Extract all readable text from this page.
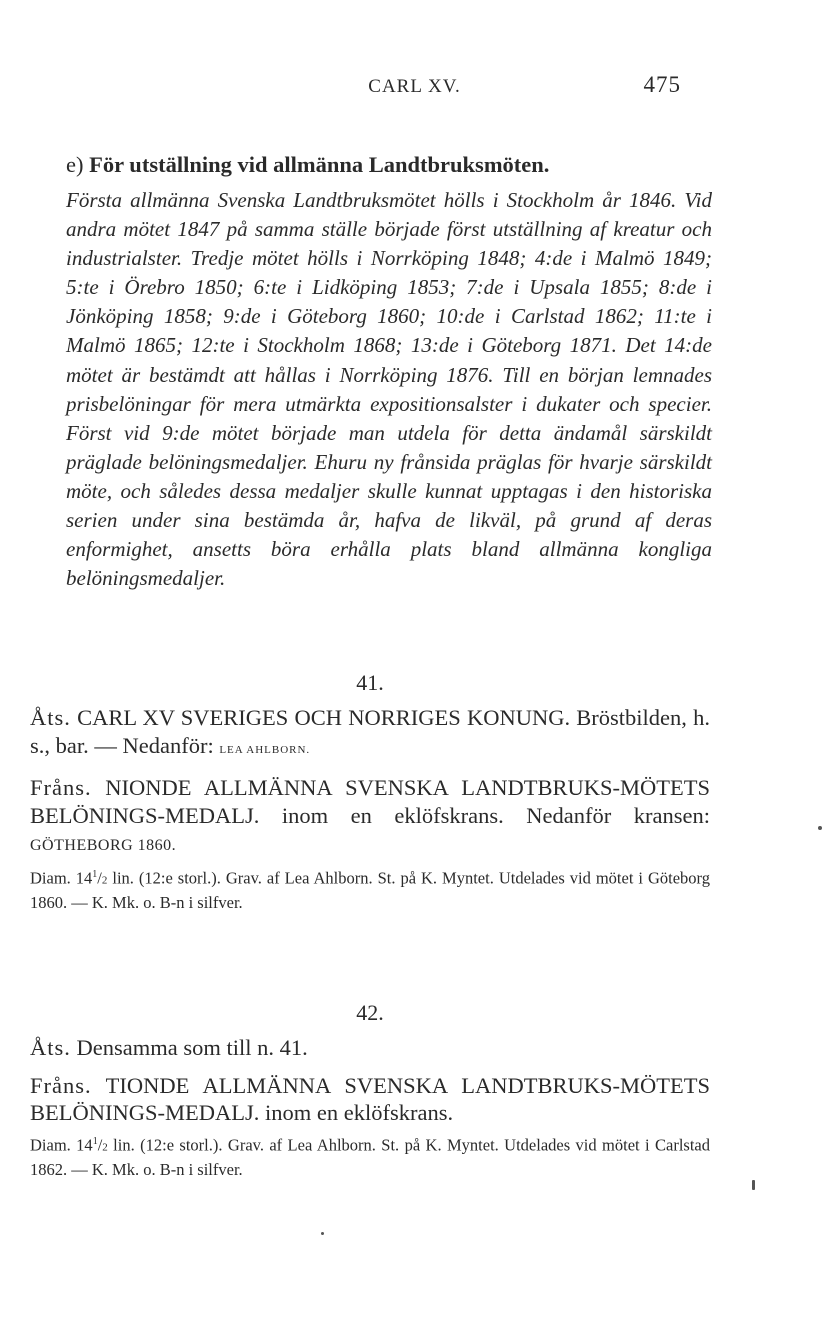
CARL XV.	475
e) För utställning vid allmänna Landtbruksmöten.

Första allmänna Svenska Landtbruksmötet hölls i Stockholm år 1846. Vid andra mötet 1847 på samma ställe började först utställning af kreatur och industrialster. Tredje mötet hölls i Norrköping 1848; 4:de i Malmö 1849; 5:te i Örebro 1850; 6:te i Lidköping 1853; 7:de i Upsala 1855; 8:de i Jönköping 1858; 9:de i Göteborg 1860; 10:de i Carlstad 1862; 11:te i Malmö 1865; 12:te i Stockholm 1868; 13:de i Göteborg 1871. Det 14:de mötet är bestämdt att hållas i Norrköping 1876. Till en början lemnades prisbelöningar för mera utmärkta expositionsalster i dukater och specier. Först vid 9:de mötet började man utdela för detta ändamål särskildt präglade belöningsmedaljer. Ehuru ny frånsida präglas för hvarje särskildt möte, och således dessa medaljer skulle kunnat upptagas i den historiska serien under sina bestämda år, hafva de likväl, på grund af deras enformighet, ansetts böra erhålla plats bland allmänna kongliga belöningsmedaljer.

41.

Åts. CARL XV SVERIGES OCH NORRIGES KONUNG. Bröstbilden, h. s., bar. — Nedanför: LEA AHLBORN.

Fråns. NIONDE ALLMÄNNA SVENSKA LANDTBRUKS-MÖTETS BELÖNINGS-MEDALJ. inom en eklöfskrans. Nedanför kransen: GÖTHEBORG 1860.

Diam. $14^1/2$ lin. (12:e storl.). Grav. af Lea Ahlborn. St. på K. Myntet. Utdelades vid mötet i Göteborg 1860. — K. Mk. o. B-n i silfver.

42.

Åts. Densamma som till n. 41.

Fråns. TIONDE ALLMÄNNA SVENSKA LANDTBRUKS-MÖTETS BELÖNINGS-MEDALJ. inom en eklöfskrans.

Diam. $14^1/2$ lin. (12:e storl.). Grav. af Lea Ahlborn. St. på K. Myntet. Utdelades vid mötet i Carlstad 1862. — K. Mk. o. B-n i silfver.
